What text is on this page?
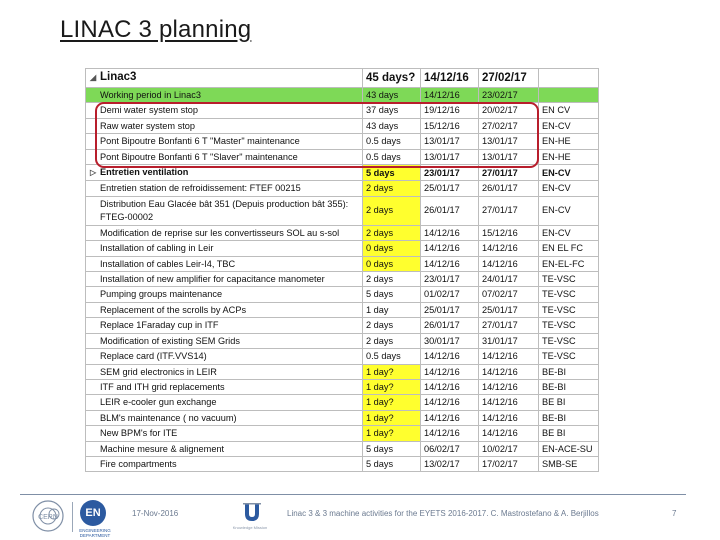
LINAC 3 planning
◢ Linac3	45 days?	14/12/16	27/02/17	
Working period in Linac3	43 days	14/12/16	23/02/17	
Demi water system stop	37 days	19/12/16	20/02/17	EN CV
Raw water system stop	43 days	15/12/16	27/02/17	EN-CV
Pont Bipoutre Bonfanti 6 T "Master" maintenance	0.5 days	13/01/17	13/01/17	EN-HE
Pont Bipoutre Bonfanti 6 T "Slaver" maintenance	0.5 days	13/01/17	13/01/17	EN-HE
▷ Entretien ventilation	5 days	23/01/17	27/01/17	EN-CV
Entretien station de refroidissement: FTEF 00215	2 days	25/01/17	26/01/17	EN-CV
Distribution Eau Glacée bât 351 (Depuis production bât 355): FTEG-00002	2 days	26/01/17	27/01/17	EN-CV
Modification de reprise sur les convertisseurs SOL au s-sol	2 days	14/12/16	15/12/16	EN-CV
Installation of cabling in Leir	0 days	14/12/16	14/12/16	EN EL FC
Installation of cables Leir-I4, TBC	0 days	14/12/16	14/12/16	EN-EL-FC
Installation of new amplifier for capacitance manometer	2 days	23/01/17	24/01/17	TE-VSC
Pumping groups maintenance	5 days	01/02/17	07/02/17	TE-VSC
Replacement of the scrolls by ACPs	1 day	25/01/17	25/01/17	TE-VSC
Replace 1Faraday cup in ITF	2 days	26/01/17	27/01/17	TE-VSC
Modification of existing SEM Grids	2 days	30/01/17	31/01/17	TE-VSC
Replace card (ITF.VVS14)	0.5 days	14/12/16	14/12/16	TE-VSC
SEM grid electronics in LEIR	1 day?	14/12/16	14/12/16	BE-BI
ITF and ITH grid replacements	1 day?	14/12/16	14/12/16	BE-BI
LEIR e-cooler gun exchange	1 day?	14/12/16	14/12/16	BE BI
BLM's maintenance ( no vacuum)	1 day?	14/12/16	14/12/16	BE-BI
New BPM's for ITE	1 day?	14/12/16	14/12/16	BE BI
Machine mesure & alignement	5 days	06/02/17	10/02/17	EN-ACE-SU
Fire compartments	5 days	13/02/17	17/02/17	SMB-SE
CERN	EN
ENGINEERING DEPARTMENT
17-Nov-2016
Knowledge Mission
Linac 3 & 3 machine activities for the EYETS 2016-2017. C. Mastrostefano & A. Berjillos	7
